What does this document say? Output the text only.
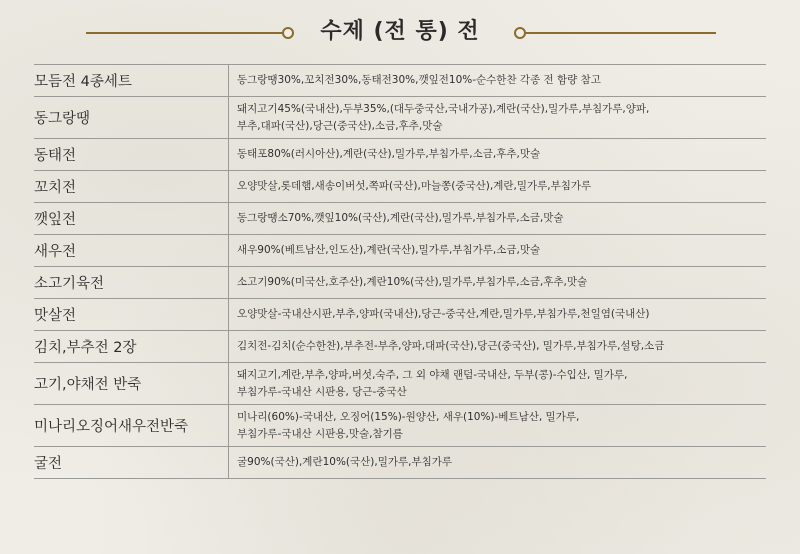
수제 (전 통) 전
모듬전 4종세트	동그랑땡30%,꼬치전30%,동태전30%,깻잎전10%-순수한찬 각종 전 함량 참고
동그랑땡	돼지고기45%(국내산),두부35%,(대두중국산,국내가공),계란(국산),밀가루,부침가루,양파,
부추,대파(국산),당근(중국산),소금,후추,맛술
동태전	동태포80%(러시아산),계란(국산),밀가루,부침가루,소금,후추,맛술
꼬치전	오양맛살,롯데햄,새송이버섯,쪽파(국산),마늘쫑(중국산),계란,밀가루,부침가루
깻잎전	동그랑땡소70%,깻잎10%(국산),계란(국산),밀가루,부침가루,소금,맛술
새우전	새우90%(베트남산,인도산),계란(국산),밀가루,부침가루,소금,맛술
소고기육전	소고기90%(미국산,호주산),계란10%(국산),밀가루,부침가루,소금,후추,맛술
맛살전	오양맛살-국내산시판,부추,양파(국내산),당근-중국산,계란,밀가루,부침가루,천일염(국내산)
김치,부추전 2장	김치전-김치(순수한찬),부추전-부추,양파,대파(국산),당근(중국산), 밀가루,부침가루,설탕,소금
고기,야채전 반죽	돼지고기,계란,부추,양파,버섯,숙주, 그 외 야채 랜덤-국내산, 두부(콩)-수입산, 밀가루,
부침가루-국내산 시판용, 당근-중국산
미나리오징어새우전반죽	미나리(60%)-국내산, 오징어(15%)-원양산, 새우(10%)-베트남산, 밀가루,
부침가루-국내산 시판용,맛술,참기름
굴전	굴90%(국산),계란10%(국산),밀가루,부침가루
